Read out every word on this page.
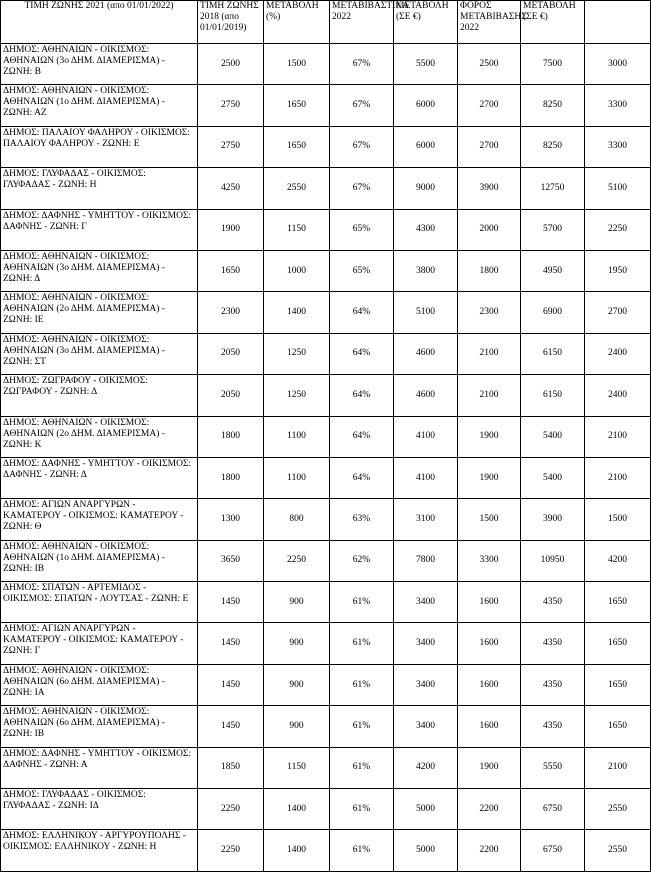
ΤΙΜΗ ΖΩΝΗΣ 2021 (απο 01/01/2022)	ΤΙΜΗ ΖΩΝΗΣ 2018 (απο 01/01/2019)	ΜΕΤΑΒΟΛΗ (%)	ΜΕΤΑΒΙΒΑΣΤΙΚΑ 2022	ΜΕΤΑΒΟΛΗ (ΣΕ €)	ΦΟΡΟΣ ΜΕΤΑΒΙΒΑΣΗΣ 2022	ΜΕΤΑΒΟΛΗ (ΣΕ €)	
ΔΗΜΟΣ: ΑΘΗΝΑΙΩΝ - ΟΙΚΙΣΜΟΣ: ΑΘΗΝΑΙΩΝ (3ο ΔΗΜ. ΔΙΑΜΕΡΙΣΜΑ) - ΖΩΝΗ: Β	2500	1500	67%	5500	2500	7500	3000
ΔΗΜΟΣ: ΑΘΗΝΑΙΩΝ - ΟΙΚΙΣΜΟΣ: ΑΘΗΝΑΙΩΝ (1ο ΔΗΜ. ΔΙΑΜΕΡΙΣΜΑ) - ΖΩΝΗ: ΑΖ	2750	1650	67%	6000	2700	8250	3300
ΔΗΜΟΣ: ΠΑΛΑΙΟΥ ΦΑΛΗΡΟΥ - ΟΙΚΙΣΜΟΣ: ΠΑΛΑΙΟΥ ΦΑΛΗΡΟΥ - ΖΩΝΗ: Ε	2750	1650	67%	6000	2700	8250	3300
ΔΗΜΟΣ: ΓΛΥΦΑΔΑΣ - ΟΙΚΙΣΜΟΣ: ΓΛΥΦΑΔΑΣ - ΖΩΝΗ: Η	4250	2550	67%	9000	3900	12750	5100
ΔΗΜΟΣ: ΔΑΦΝΗΣ - ΥΜΗΤΤΟΥ - ΟΙΚΙΣΜΟΣ: ΔΑΦΝΗΣ - ΖΩΝΗ: Γ	1900	1150	65%	4300	2000	5700	2250
ΔΗΜΟΣ: ΑΘΗΝΑΙΩΝ - ΟΙΚΙΣΜΟΣ: ΑΘΗΝΑΙΩΝ (3ο ΔΗΜ. ΔΙΑΜΕΡΙΣΜΑ) - ΖΩΝΗ: Δ	1650	1000	65%	3800	1800	4950	1950
ΔΗΜΟΣ: ΑΘΗΝΑΙΩΝ - ΟΙΚΙΣΜΟΣ: ΑΘΗΝΑΙΩΝ (2ο ΔΗΜ. ΔΙΑΜΕΡΙΣΜΑ) - ΖΩΝΗ: ΙΕ	2300	1400	64%	5100	2300	6900	2700
ΔΗΜΟΣ: ΑΘΗΝΑΙΩΝ - ΟΙΚΙΣΜΟΣ: ΑΘΗΝΑΙΩΝ (3ο ΔΗΜ. ΔΙΑΜΕΡΙΣΜΑ) - ΖΩΝΗ: ΣΤ	2050	1250	64%	4600	2100	6150	2400
ΔΗΜΟΣ: ΖΩΓΡΑΦΟΥ - ΟΙΚΙΣΜΟΣ: ΖΩΓΡΑΦΟΥ - ΖΩΝΗ: Δ	2050	1250	64%	4600	2100	6150	2400
ΔΗΜΟΣ: ΑΘΗΝΑΙΩΝ - ΟΙΚΙΣΜΟΣ: ΑΘΗΝΑΙΩΝ (2ο ΔΗΜ. ΔΙΑΜΕΡΙΣΜΑ) - ΖΩΝΗ: Κ	1800	1100	64%	4100	1900	5400	2100
ΔΗΜΟΣ: ΔΑΦΝΗΣ - ΥΜΗΤΤΟΥ - ΟΙΚΙΣΜΟΣ: ΔΑΦΝΗΣ - ΖΩΝΗ: Δ	1800	1100	64%	4100	1900	5400	2100
ΔΗΜΟΣ: ΑΓΙΩΝ ΑΝΑΡΓΥΡΩΝ - ΚΑΜΑΤΕΡΟΥ - ΟΙΚΙΣΜΟΣ: ΚΑΜΑΤΕΡΟΥ - ΖΩΝΗ: Θ	1300	800	63%	3100	1500	3900	1500
ΔΗΜΟΣ: ΑΘΗΝΑΙΩΝ - ΟΙΚΙΣΜΟΣ: ΑΘΗΝΑΙΩΝ (1ο ΔΗΜ. ΔΙΑΜΕΡΙΣΜΑ) - ΖΩΝΗ: ΙΒ	3650	2250	62%	7800	3300	10950	4200
ΔΗΜΟΣ: ΣΠΑΤΩΝ - ΑΡΤΕΜΙΔΟΣ - ΟΙΚΙΣΜΟΣ: ΣΠΑΤΩΝ - ΛΟΥΤΣΑΣ - ΖΩΝΗ: Ε	1450	900	61%	3400	1600	4350	1650
ΔΗΜΟΣ: ΑΓΙΩΝ ΑΝΑΡΓΥΡΩΝ - ΚΑΜΑΤΕΡΟΥ - ΟΙΚΙΣΜΟΣ: ΚΑΜΑΤΕΡΟΥ - ΖΩΝΗ: Γ	1450	900	61%	3400	1600	4350	1650
ΔΗΜΟΣ: ΑΘΗΝΑΙΩΝ - ΟΙΚΙΣΜΟΣ: ΑΘΗΝΑΙΩΝ (6ο ΔΗΜ. ΔΙΑΜΕΡΙΣΜΑ) - ΖΩΝΗ: ΙΑ	1450	900	61%	3400	1600	4350	1650
ΔΗΜΟΣ: ΑΘΗΝΑΙΩΝ - ΟΙΚΙΣΜΟΣ: ΑΘΗΝΑΙΩΝ (6ο ΔΗΜ. ΔΙΑΜΕΡΙΣΜΑ) - ΖΩΝΗ: ΙΒ	1450	900	61%	3400	1600	4350	1650
ΔΗΜΟΣ: ΔΑΦΝΗΣ - ΥΜΗΤΤΟΥ - ΟΙΚΙΣΜΟΣ: ΔΑΦΝΗΣ - ΖΩΝΗ: Α	1850	1150	61%	4200	1900	5550	2100
ΔΗΜΟΣ: ΓΛΥΦΑΔΑΣ - ΟΙΚΙΣΜΟΣ: ΓΛΥΦΑΔΑΣ - ΖΩΝΗ: ΙΔ	2250	1400	61%	5000	2200	6750	2550
ΔΗΜΟΣ: ΕΛΛΗΝΙΚΟΥ - ΑΡΓΥΡΟΥΠΟΛΗΣ - ΟΙΚΙΣΜΟΣ: ΕΛΛΗΝΙΚΟΥ - ΖΩΝΗ: Η	2250	1400	61%	5000	2200	6750	2550
